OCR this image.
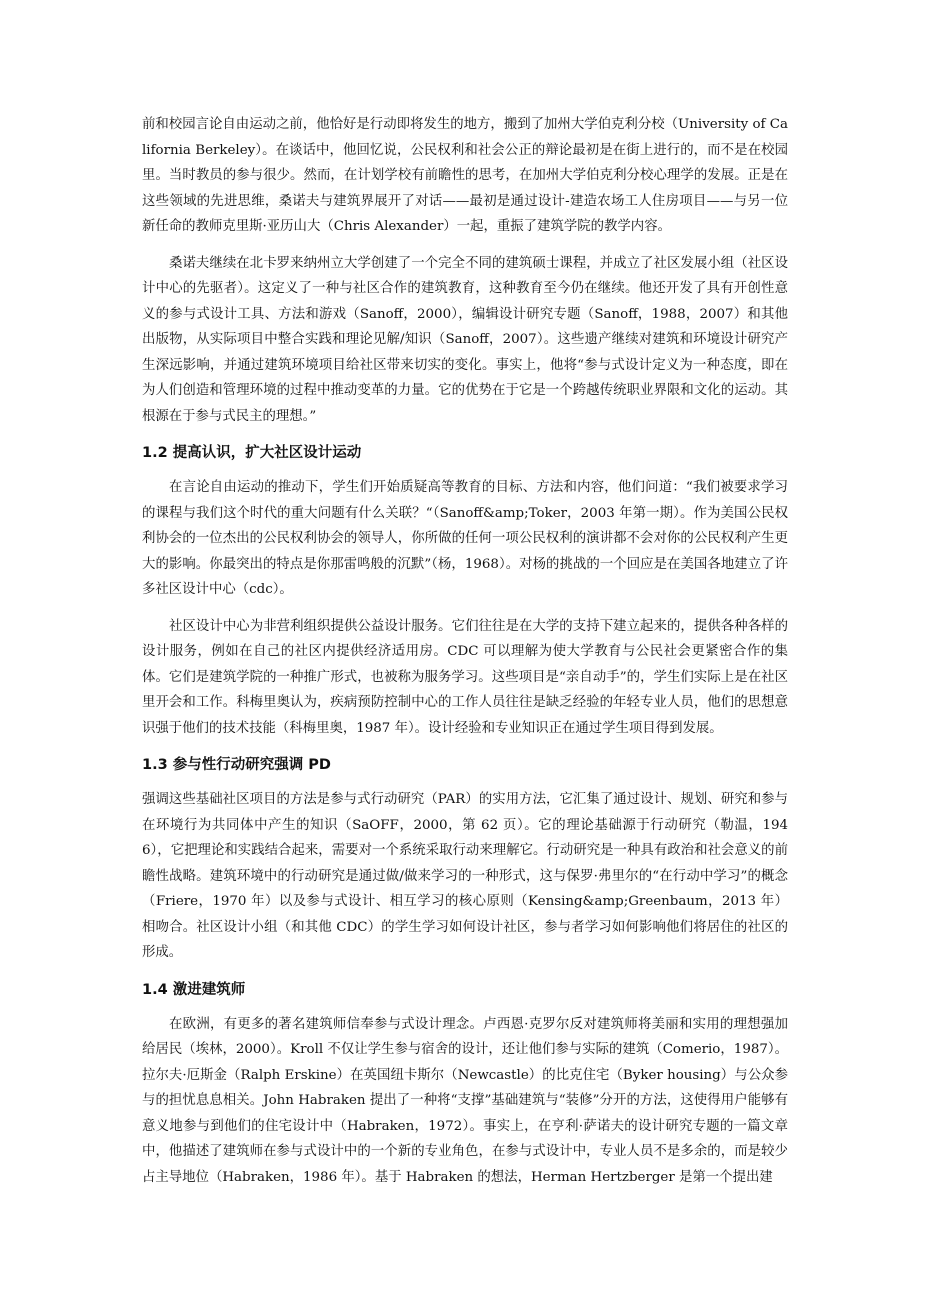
前和校园言论自由运动之前，他恰好是行动即将发生的地方，搬到了加州大学伯克利分校（University of California Berkeley）。在谈话中，他回忆说，公民权利和社会公正的辩论最初是在街上进行的，而不是在校园里。当时教员的参与很少。然而，在计划学校有前瞻性的思考，在加州大学伯克利分校心理学的发展。正是在这些领域的先进思维，桑诺夫与建筑界展开了对话——最初是通过设计-建造农场工人住房项目——与另一位新任命的教师克里斯·亚历山大（Chris Alexander）一起，重振了建筑学院的教学内容。

桑诺夫继续在北卡罗来纳州立大学创建了一个完全不同的建筑硕士课程，并成立了社区发展小组（社区设计中心的先驱者）。这定义了一种与社区合作的建筑教育，这种教育至今仍在继续。他还开发了具有开创性意义的参与式设计工具、方法和游戏（Sanoff，2000），编辑设计研究专题（Sanoff，1988，2007）和其他出版物，从实际项目中整合实践和理论见解/知识（Sanoff，2007）。这些遗产继续对建筑和环境设计研究产生深远影响，并通过建筑环境项目给社区带来切实的变化。事实上，他将“参与式设计定义为一种态度，即在为人们创造和管理环境的过程中推动变革的力量。它的优势在于它是一个跨越传统职业界限和文化的运动。其根源在于参与式民主的理想。”

1.2 提高认识，扩大社区设计运动

在言论自由运动的推动下，学生们开始质疑高等教育的目标、方法和内容，他们问道：“我们被要求学习的课程与我们这个时代的重大问题有什么关联？“（Sanoff&amp;Toker，2003 年第一期）。作为美国公民权利协会的一位杰出的公民权利协会的领导人，你所做的任何一项公民权利的演讲都不会对你的公民权利产生更大的影响。你最突出的特点是你那雷鸣般的沉默”（杨，1968）。对杨的挑战的一个回应是在美国各地建立了许多社区设计中心（cdc）。

社区设计中心为非营利组织提供公益设计服务。它们往往是在大学的支持下建立起来的，提供各种各样的设计服务，例如在自己的社区内提供经济适用房。CDC 可以理解为使大学教育与公民社会更紧密合作的集体。它们是建筑学院的一种推广形式，也被称为服务学习。这些项目是“亲自动手”的，学生们实际上是在社区里开会和工作。科梅里奥认为，疾病预防控制中心的工作人员往往是缺乏经验的年轻专业人员，他们的思想意识强于他们的技术技能（科梅里奥，1987 年）。设计经验和专业知识正在通过学生项目得到发展。

1.3 参与性行动研究强调 PD

强调这些基础社区项目的方法是参与式行动研究（PAR）的实用方法，它汇集了通过设计、规划、研究和参与在环境行为共同体中产生的知识（SaOFF，2000，第 62 页）。它的理论基础源于行动研究（勒温，1946），它把理论和实践结合起来，需要对一个系统采取行动来理解它。行动研究是一种具有政治和社会意义的前瞻性战略。建筑环境中的行动研究是通过做/做来学习的一种形式，这与保罗·弗里尔的“在行动中学习”的概念（Friere，1970 年）以及参与式设计、相互学习的核心原则（Kensing&amp;Greenbaum，2013 年）相吻合。社区设计小组（和其他 CDC）的学生学习如何设计社区，参与者学习如何影响他们将居住的社区的形成。

1.4 激进建筑师

在欧洲，有更多的著名建筑师信奉参与式设计理念。卢西恩·克罗尔反对建筑师将美丽和实用的理想强加给居民（埃林，2000）。Kroll 不仅让学生参与宿舍的设计，还让他们参与实际的建筑（Comerio，1987）。拉尔夫·厄斯金（Ralph Erskine）在英国纽卡斯尔（Newcastle）的比克住宅（Byker housing）与公众参与的担忧息息相关。John Habraken 提出了一种将“支撑”基础建筑与“装修”分开的方法，这使得用户能够有意义地参与到他们的住宅设计中（Habraken，1972）。事实上，在亨利·萨诺夫的设计研究专题的一篇文章中，他描述了建筑师在参与式设计中的一个新的专业角色，在参与式设计中，专业人员不是多余的，而是较少占主导地位（Habraken，1986 年）。基于 Habraken 的想法，Herman Hertzberger 是第一个提出建
